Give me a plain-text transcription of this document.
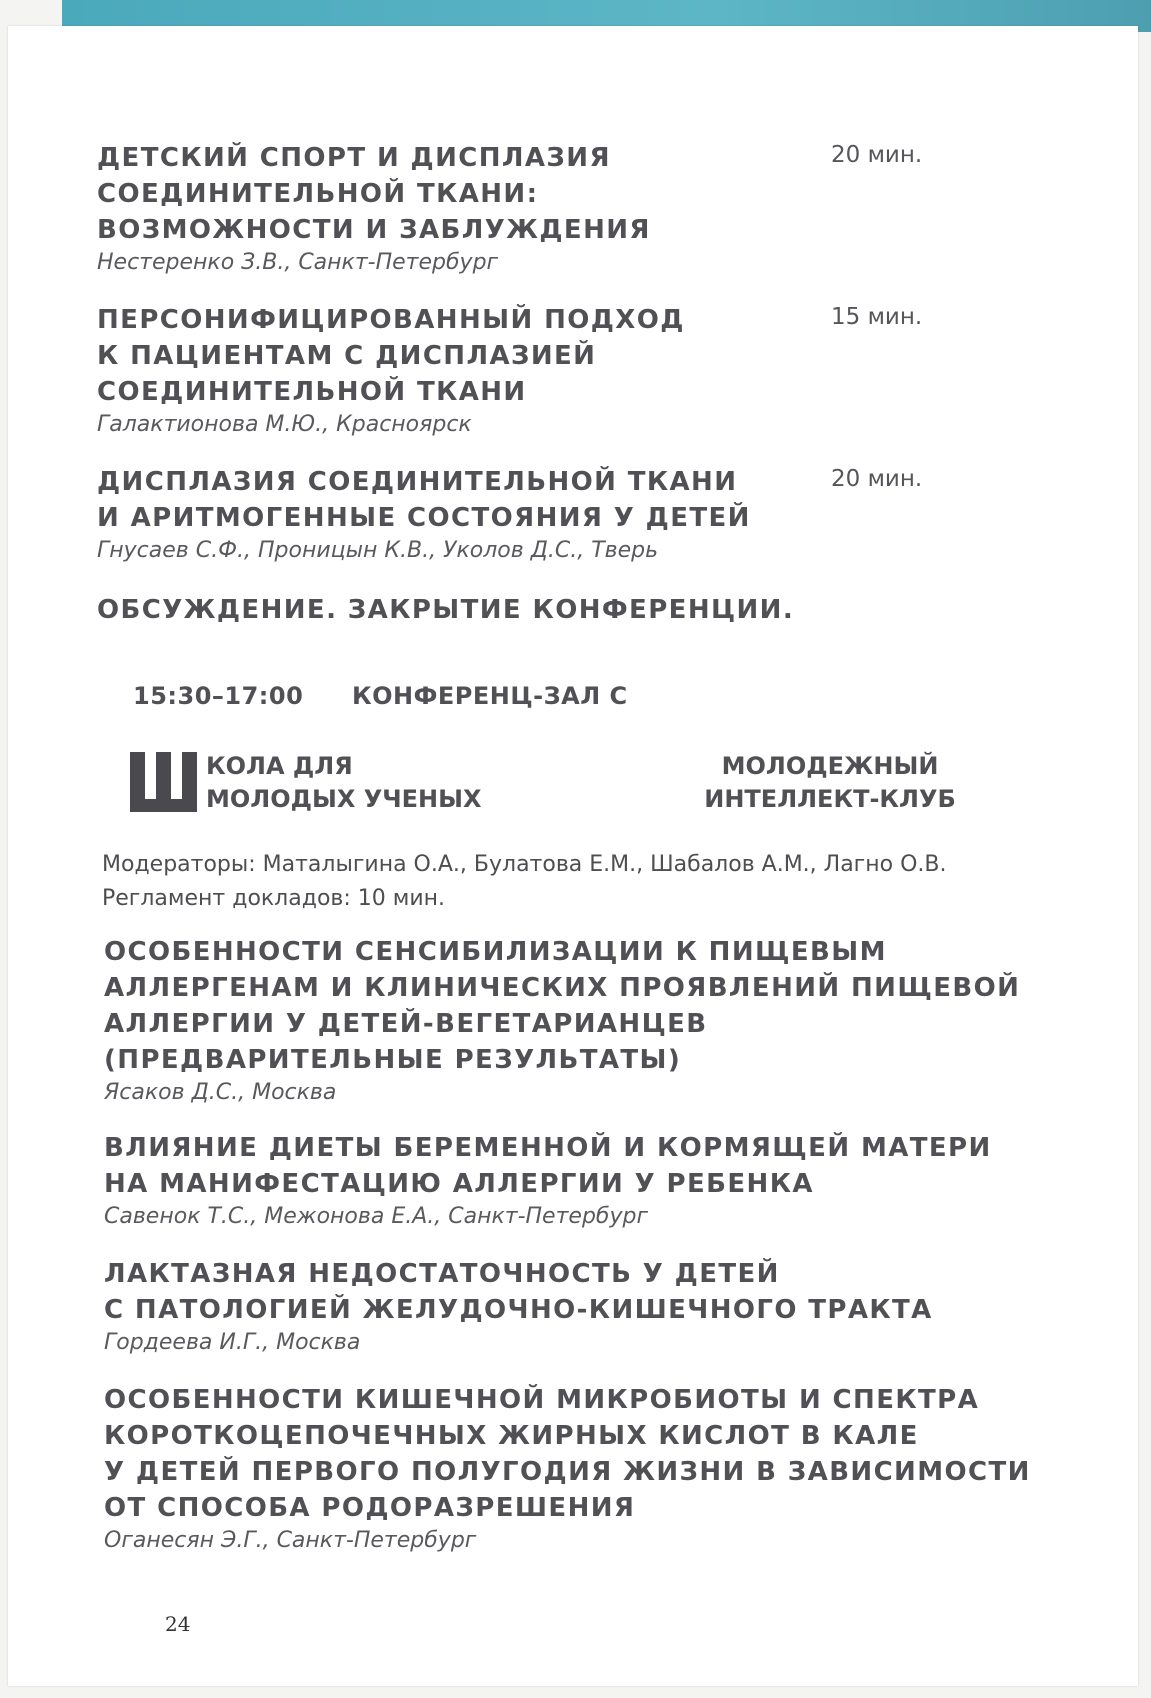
ДЕТСКИЙ СПОРТ И ДИСПЛАЗИЯ
СОЕДИНИТЕЛЬНОЙ ТКАНИ:
ВОЗМОЖНОСТИ И ЗАБЛУЖДЕНИЯ

Нестеренко З.В., Санкт-Петербург

20 мин.

ПЕРСОНИФИЦИРОВАННЫЙ ПОДХОД
К ПАЦИЕНТАМ С ДИСПЛАЗИЕЙ
СОЕДИНИТЕЛЬНОЙ ТКАНИ

Галактионова М.Ю., Красноярск

15 мин.

ДИСПЛАЗИЯ СОЕДИНИТЕЛЬНОЙ ТКАНИ
И АРИТМОГЕННЫЕ СОСТОЯНИЯ У ДЕТЕЙ

Гнусаев С.Ф., Проницын К.В., Уколов Д.С., Тверь

20 мин.

ОБСУЖДЕНИЕ. ЗАКРЫТИЕ КОНФЕРЕНЦИИ.

15:30–17:00 КОНФЕРЕНЦ-ЗАЛ С
КОЛА ДЛЯ
МОЛОДЫХ УЧЕНЫХ
МОЛОДЕЖНЫЙ
ИНТЕЛЛЕКТ-КЛУБ
Модераторы: Маталыгина О.А., Булатова Е.М., Шабалов А.М., Лагно О.В.
Регламент докладов: 10 мин.

ОСОБЕННОСТИ СЕНСИБИЛИЗАЦИИ К ПИЩЕВЫМ
АЛЛЕРГЕНАМ И КЛИНИЧЕСКИХ ПРОЯВЛЕНИЙ ПИЩЕВОЙ
АЛЛЕРГИИ У ДЕТЕЙ-ВЕГЕТАРИАНЦЕВ
(ПРЕДВАРИТЕЛЬНЫЕ РЕЗУЛЬТАТЫ)

Ясаков Д.С., Москва

ВЛИЯНИЕ ДИЕТЫ БЕРЕМЕННОЙ И КОРМЯЩЕЙ МАТЕРИ
НА МАНИФЕСТАЦИЮ АЛЛЕРГИИ У РЕБЕНКА

Савенок Т.С., Межонова Е.А., Санкт-Петербург

ЛАКТАЗНАЯ НЕДОСТАТОЧНОСТЬ У ДЕТЕЙ
С ПАТОЛОГИЕЙ ЖЕЛУДОЧНО-КИШЕЧНОГО ТРАКТА

Гордеева И.Г., Москва

ОСОБЕННОСТИ КИШЕЧНОЙ МИКРОБИОТЫ И СПЕКТРА
КОРОТКОЦЕПОЧЕЧНЫХ ЖИРНЫХ КИСЛОТ В КАЛЕ
У ДЕТЕЙ ПЕРВОГО ПОЛУГОДИЯ ЖИЗНИ В ЗАВИСИМОСТИ
ОТ СПОСОБА РОДОРАЗРЕШЕНИЯ

Оганесян Э.Г., Санкт-Петербург

24
